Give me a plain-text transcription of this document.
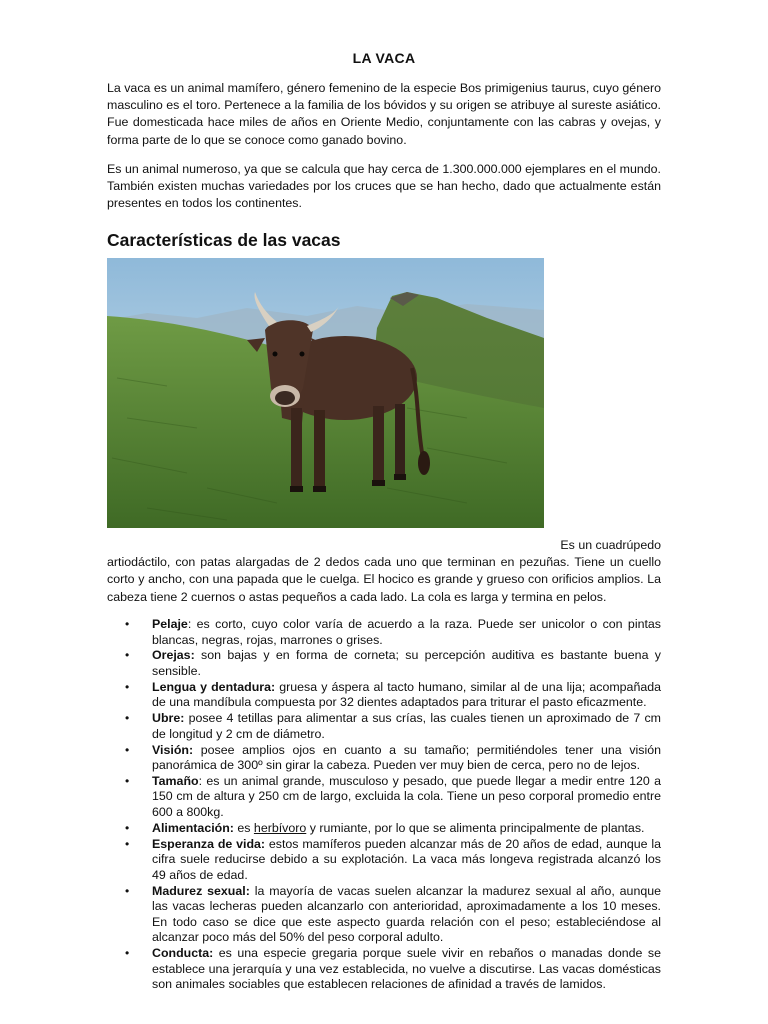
LA VACA
La vaca es un animal mamífero, género femenino de la especie Bos primigenius taurus, cuyo género masculino es el toro. Pertenece a la familia de los bóvidos y su origen se atribuye al sureste asiático. Fue domesticada hace miles de años en Oriente Medio, conjuntamente con las cabras y ovejas, y forma parte de lo que se conoce como ganado bovino.
Es un animal numeroso, ya que se calcula que hay cerca de 1.300.000.000 ejemplares en el mundo. También existen muchas variedades por los cruces que se han hecho, dado que actualmente están presentes en todos los continentes.
Características de las vacas
Es un cuadrúpedo
artiodáctilo, con patas alargadas de 2 dedos cada uno que terminan en pezuñas. Tiene un cuello corto y ancho, con una papada que le cuelga. El hocico es grande y grueso con orificios amplios. La cabeza tiene 2 cuernos o astas pequeños a cada lado. La cola es larga y termina en pelos.
• Pelaje: es corto, cuyo color varía de acuerdo a la raza. Puede ser unicolor o con pintas blancas, negras, rojas, marrones o grises.
• Orejas: son bajas y en forma de corneta; su percepción auditiva es bastante buena y sensible.
• Lengua y dentadura: gruesa y áspera al tacto humano, similar al de una lija; acompañada de una mandíbula compuesta por 32 dientes adaptados para triturar el pasto eficazmente.
• Ubre: posee 4 tetillas para alimentar a sus crías, las cuales tienen un aproximado de 7 cm de longitud y 2 cm de diámetro.
• Visión: posee amplios ojos en cuanto a su tamaño; permitiéndoles tener una visión panorámica de 300º sin girar la cabeza. Pueden ver muy bien de cerca, pero no de lejos.
• Tamaño: es un animal grande, musculoso y pesado, que puede llegar a medir entre 120 a 150 cm de altura y 250 cm de largo, excluida la cola. Tiene un peso corporal promedio entre 600 a 800kg.
• Alimentación: es herbívoro y rumiante, por lo que se alimenta principalmente de plantas.
• Esperanza de vida: estos mamíferos pueden alcanzar más de 20 años de edad, aunque la cifra suele reducirse debido a su explotación. La vaca más longeva registrada alcanzó los 49 años de edad.
• Madurez sexual: la mayoría de vacas suelen alcanzar la madurez sexual al año, aunque las vacas lecheras pueden alcanzarlo con anterioridad, aproximadamente a los 10 meses. En todo caso se dice que este aspecto guarda relación con el peso; estableciéndose al alcanzar poco más del 50% del peso corporal adulto.
• Conducta: es una especie gregaria porque suele vivir en rebaños o manadas donde se establece una jerarquía y una vez establecida, no vuelve a discutirse. Las vacas domésticas son animales sociables que establecen relaciones de afinidad a través de lamidos.
